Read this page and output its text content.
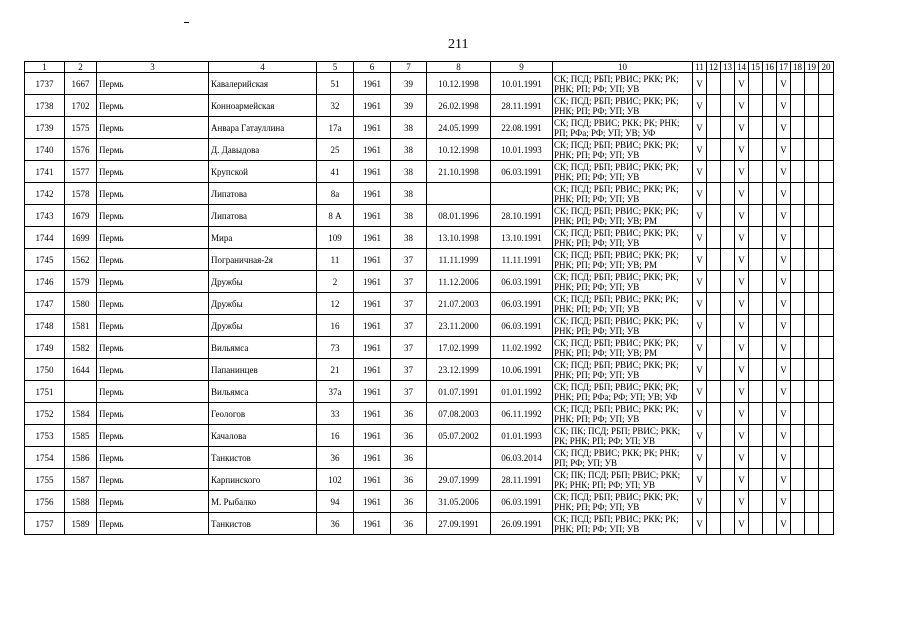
211
1	2	3	4	5	6	7	8	9	10	11	12	13	14	15	16	17	18	19	20
1737	1667	Пермь	Кавалерийская	51	1961	39	10.12.1998	10.01.1991	СК; ПСД; РБП; РВИС; РКК; РК; РНК; РП; РФ; УП; УВ	V			V			V			
1738	1702	Пермь	Конноармейская	32	1961	39	26.02.1998	28.11.1991	СК; ПСД; РБП; РВИС; РКК; РК; РНК; РП; РФ; УП; УВ	V			V			V			
1739	1575	Пермь	Анвара Гатауллина	17а	1961	38	24.05.1999	22.08.1991	СК; ПСД; РВИС; РКК; РК; РНК; РП; РФа; РФ; УП; УВ; УФ	V			V			V			
1740	1576	Пермь	Д. Давыдова	25	1961	38	10.12.1998	10.01.1993	СК; ПСД; РБП; РВИС; РКК; РК; РНК; РП; РФ; УП; УВ	V			V			V			
1741	1577	Пермь	Крупской	41	1961	38	21.10.1998	06.03.1991	СК; ПСД; РБП; РВИС; РКК; РК; РНК; РП; РФ; УП; УВ	V			V			V			
1742	1578	Пермь	Липатова	8а	1961	38			СК; ПСД; РБП; РВИС; РКК; РК; РНК; РП; РФ; УП; УВ	V			V			V			
1743	1679	Пермь	Липатова	8 А	1961	38	08.01.1996	28.10.1991	СК; ПСД; РБП; РВИС; РКК; РК; РНК; РП; РФ; УП; УВ; РМ	V			V			V			
1744	1699	Пермь	Мира	109	1961	38	13.10.1998	13.10.1991	СК; ПСД; РБП; РВИС; РКК; РК; РНК; РП; РФ; УП; УВ	V			V			V			
1745	1562	Пермь	Пограничная-2я	11	1961	37	11.11.1999	11.11.1991	СК; ПСД; РБП; РВИС; РКК; РК; РНК; РП; РФ; УП; УВ; РМ	V			V			V			
1746	1579	Пермь	Дружбы	2	1961	37	11.12.2006	06.03.1991	СК; ПСД; РБП; РВИС; РКК; РК; РНК; РП; РФ; УП; УВ	V			V			V			
1747	1580	Пермь	Дружбы	12	1961	37	21.07.2003	06.03.1991	СК; ПСД; РБП; РВИС; РКК; РК; РНК; РП; РФ; УП; УВ	V			V			V			
1748	1581	Пермь	Дружбы	16	1961	37	23.11.2000	06.03.1991	СК; ПСД; РБП; РВИС; РКК; РК; РНК; РП; РФ; УП; УВ	V			V			V			
1749	1582	Пермь	Вильямса	73	1961	37	17.02.1999	11.02.1992	СК; ПСД; РБП; РВИС; РКК; РК; РНК; РП; РФ; УП; УВ; РМ	V			V			V			
1750	1644	Пермь	Папанинцев	21	1961	37	23.12.1999	10.06.1991	СК; ПСД; РБП; РВИС; РКК; РК; РНК; РП; РФ; УП; УВ	V			V			V			
1751		Пермь	Вильямса	37а	1961	37	01.07.1991	01.01.1992	СК; ПСД; РБП; РВИС; РКК; РК; РНК; РП; РФа; РФ; УП; УВ; УФ	V			V			V			
1752	1584	Пермь	Геологов	33	1961	36	07.08.2003	06.11.1992	СК; ПСД; РБП; РВИС; РКК; РК; РНК; РП; РФ; УП; УВ	V			V			V			
1753	1585	Пермь	Качалова	16	1961	36	05.07.2002	01.01.1993	СК; ПК; ПСД; РБП; РВИС; РКК; РК; РНК; РП; РФ; УП; УВ	V			V			V			
1754	1586	Пермь	Танкистов	36	1961	36		06.03.2014	СК; ПСД; РВИС; РКК; РК; РНК; РП; РФ; УП; УВ	V			V			V			
1755	1587	Пермь	Карпинского	102	1961	36	29.07.1999	28.11.1991	СК; ПК; ПСД; РБП; РВИС; РКК; РК; РНК; РП; РФ; УП; УВ	V			V			V			
1756	1588	Пермь	М. Рыбалко	94	1961	36	31.05.2006	06.03.1991	СК; ПСД; РБП; РВИС; РКК; РК; РНК; РП; РФ; УП; УВ	V			V			V			
1757	1589	Пермь	Танкистов	36	1961	36	27.09.1991	26.09.1991	СК; ПСД; РБП; РВИС; РКК; РК; РНК; РП; РФ; УП; УВ	V			V			V			
